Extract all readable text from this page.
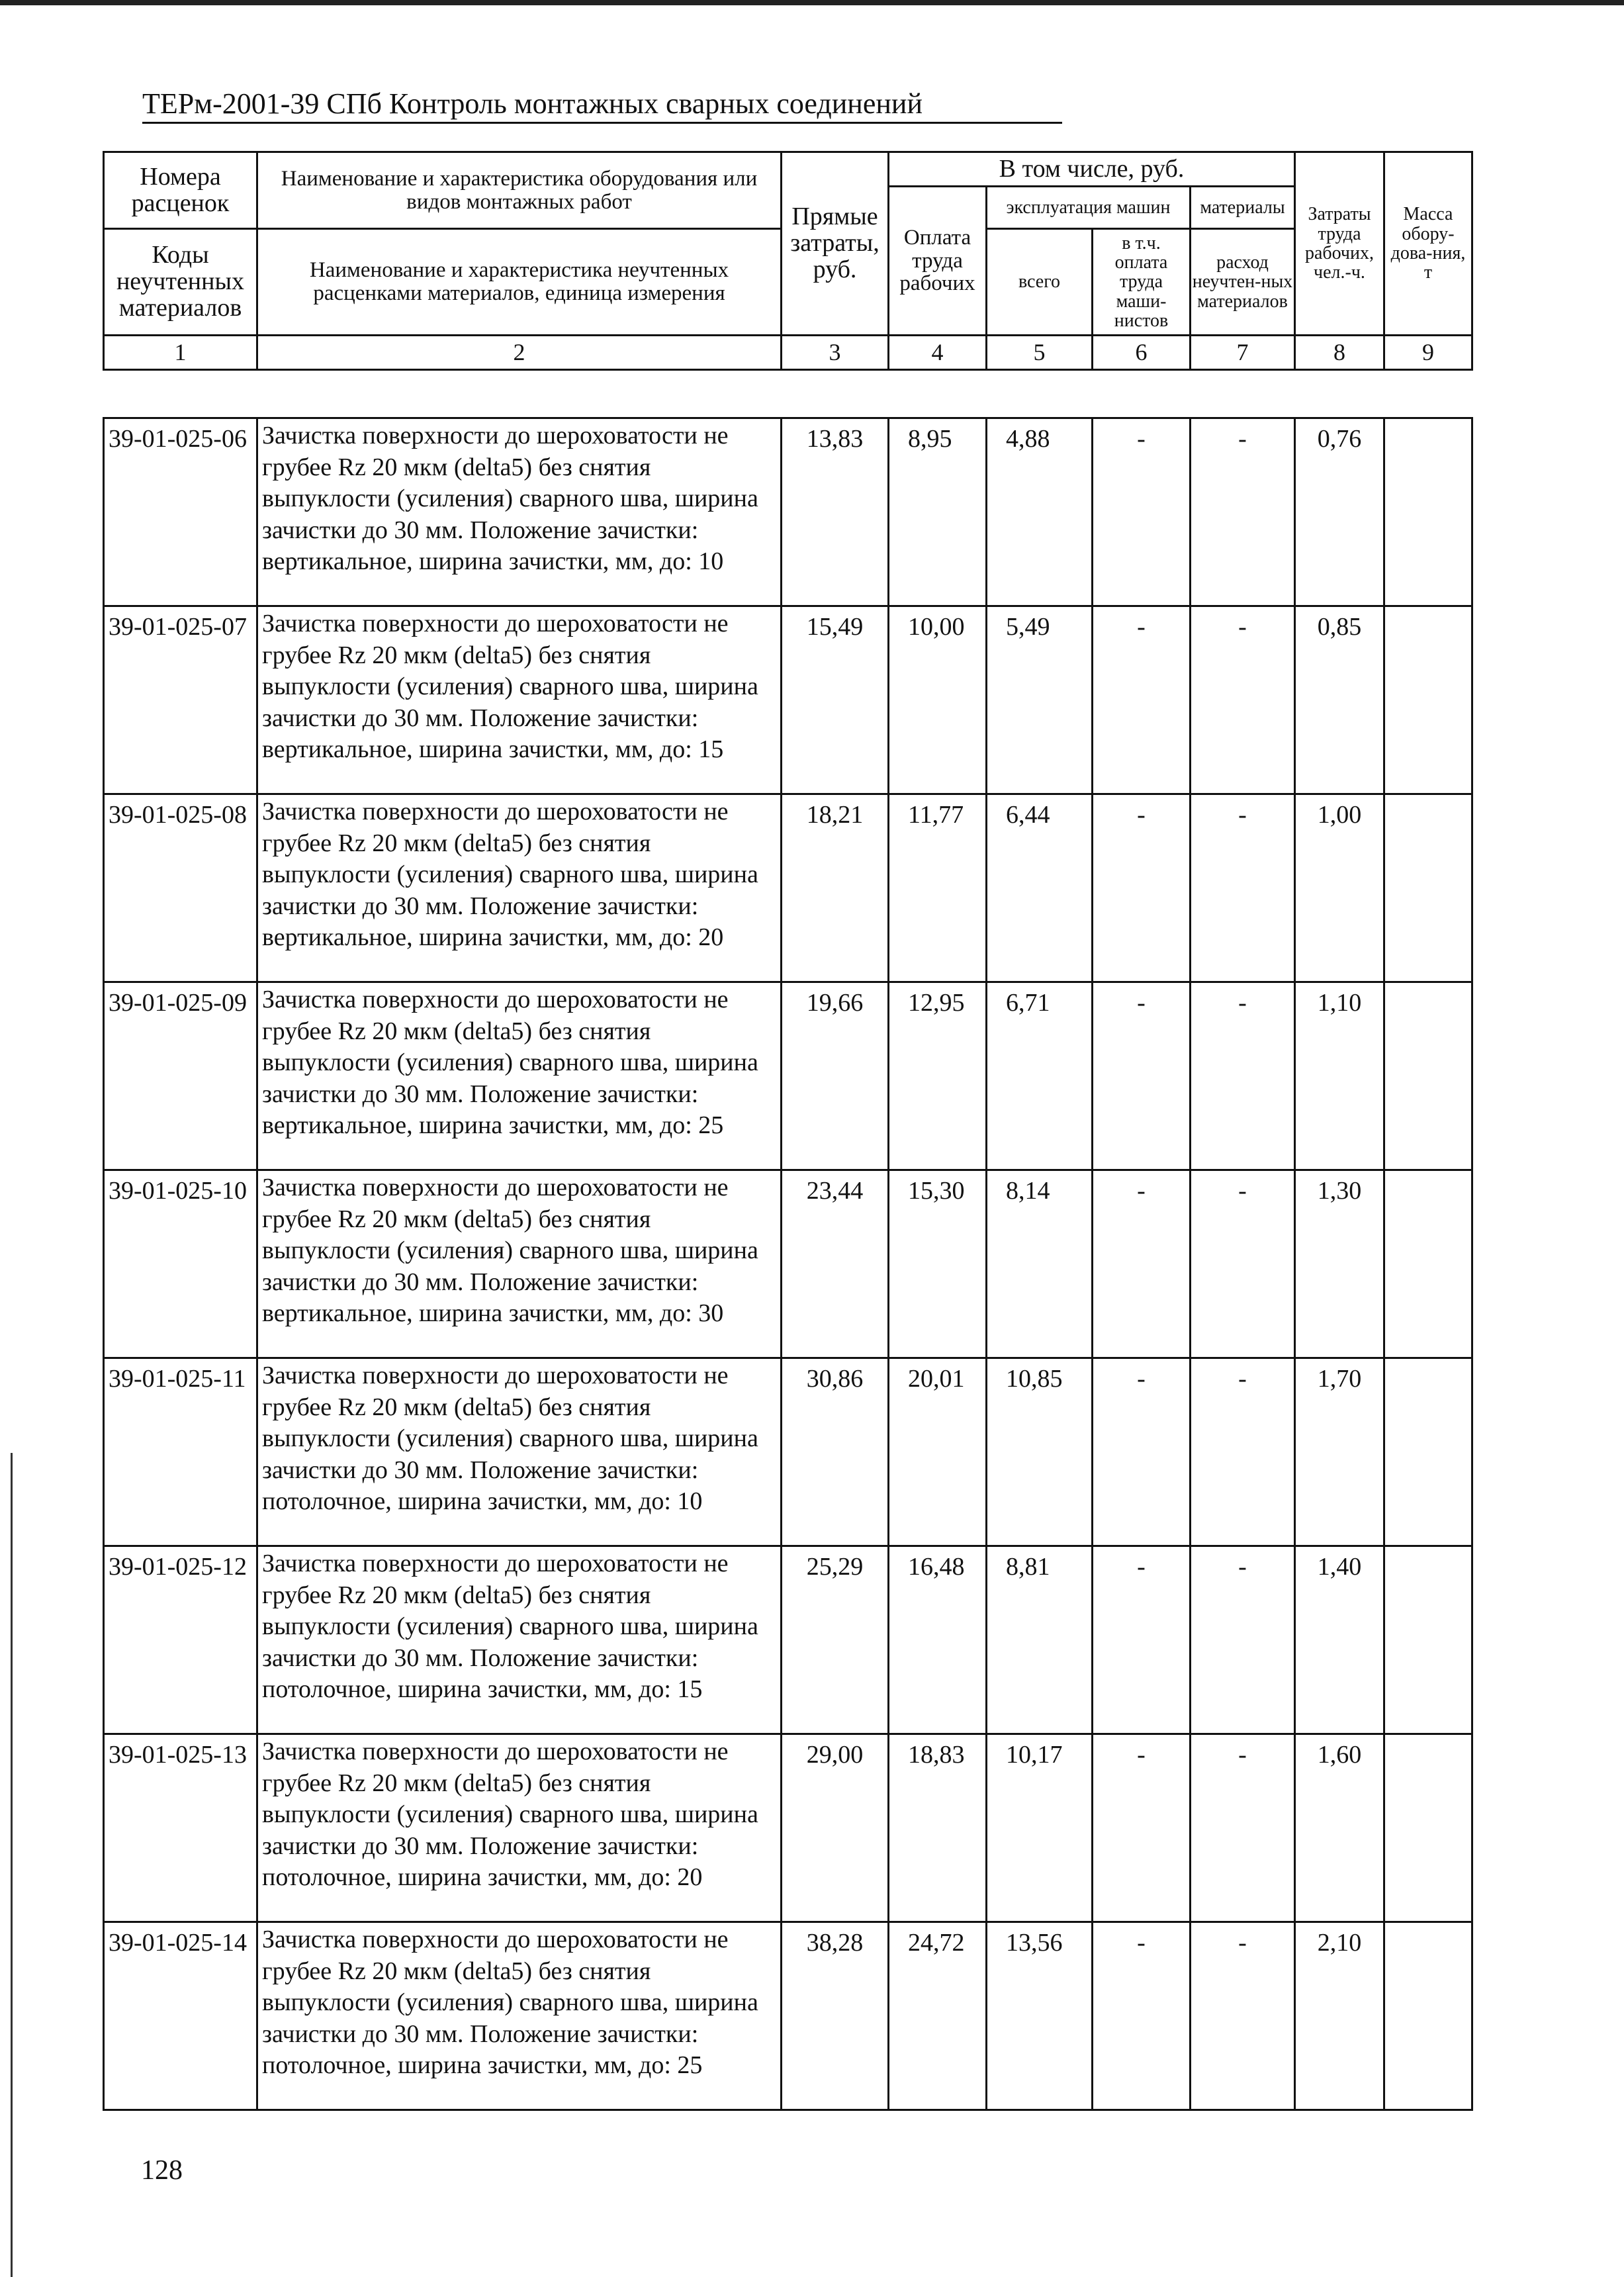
ТЕРм-2001-39 СПб Контроль монтажных сварных соединений
Номера расценок	Наименование и характеристика оборудования или видов монтажных работ	Прямые затраты, руб.	В том числе, руб.				Затраты труда рабочих, чел.-ч.	Масса обору-дова-ния, т
			Оплата труда рабочих	эксплуатация машин		материалы		
Коды неучтенных материалов	Наименование и характеристика неучтенных расценками материалов, единица измерения			всего	в т.ч. оплата труда маши-нистов	расход неучтен-ных материалов		

1	2	3	4	5	6	7	8	9
39-01-025-06	Зачистка поверхности до шероховатости не грубее Rz 20 мкм (delta5) без снятия выпуклости (усиления) сварного шва, ширина зачистки до 30 мм. Положение зачистки: вертикальное, ширина зачистки, мм, до: 10	13,83	8,95	4,88	-	-	0,76	
39-01-025-07	Зачистка поверхности до шероховатости не грубее Rz 20 мкм (delta5) без снятия выпуклости (усиления) сварного шва, ширина зачистки до 30 мм. Положение зачистки: вертикальное, ширина зачистки, мм, до: 15	15,49	10,00	5,49	-	-	0,85	
39-01-025-08	Зачистка поверхности до шероховатости не грубее Rz 20 мкм (delta5) без снятия выпуклости (усиления) сварного шва, ширина зачистки до 30 мм. Положение зачистки: вертикальное, ширина зачистки, мм, до: 20	18,21	11,77	6,44	-	-	1,00	
39-01-025-09	Зачистка поверхности до шероховатости не грубее Rz 20 мкм (delta5) без снятия выпуклости (усиления) сварного шва, ширина зачистки до 30 мм. Положение зачистки: вертикальное, ширина зачистки, мм, до: 25	19,66	12,95	6,71	-	-	1,10	
39-01-025-10	Зачистка поверхности до шероховатости не грубее Rz 20 мкм (delta5) без снятия выпуклости (усиления) сварного шва, ширина зачистки до 30 мм. Положение зачистки: вертикальное, ширина зачистки, мм, до: 30	23,44	15,30	8,14	-	-	1,30	
39-01-025-11	Зачистка поверхности до шероховатости не грубее Rz 20 мкм (delta5) без снятия выпуклости (усиления) сварного шва, ширина зачистки до 30 мм. Положение зачистки: потолочное, ширина зачистки, мм, до: 10	30,86	20,01	10,85	-	-	1,70	
39-01-025-12	Зачистка поверхности до шероховатости не грубее Rz 20 мкм (delta5) без снятия выпуклости (усиления) сварного шва, ширина зачистки до 30 мм. Положение зачистки: потолочное, ширина зачистки, мм, до: 15	25,29	16,48	8,81	-	-	1,40	
39-01-025-13	Зачистка поверхности до шероховатости не грубее Rz 20 мкм (delta5) без снятия выпуклости (усиления) сварного шва, ширина зачистки до 30 мм. Положение зачистки: потолочное, ширина зачистки, мм, до: 20	29,00	18,83	10,17	-	-	1,60	
39-01-025-14	Зачистка поверхности до шероховатости не грубее Rz 20 мкм (delta5) без снятия выпуклости (усиления) сварного шва, ширина зачистки до 30 мм. Положение зачистки: потолочное, ширина зачистки, мм, до: 25	38,28	24,72	13,56	-	-	2,10	
128
